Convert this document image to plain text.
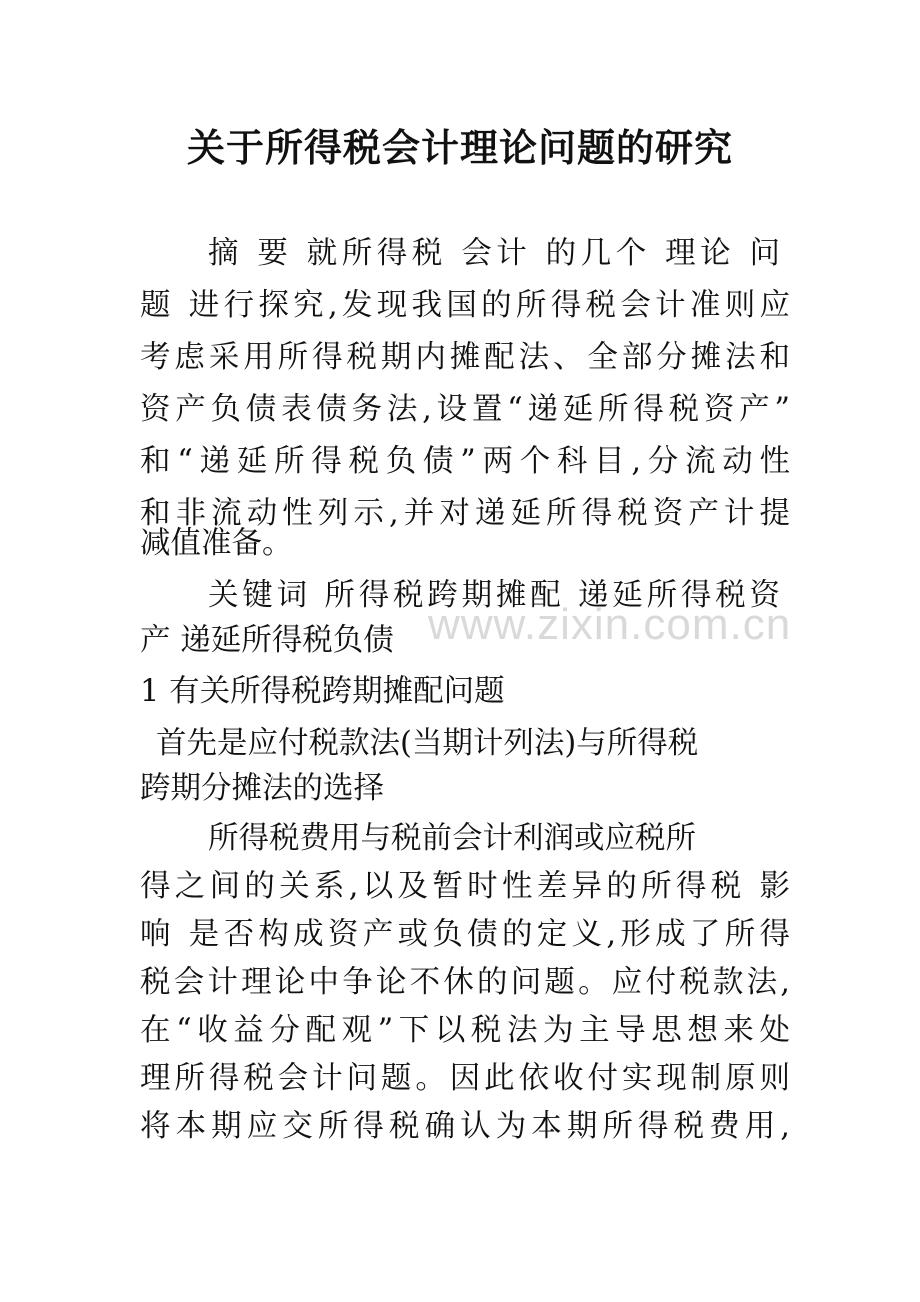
关于所得税会计理论问题的研究
摘 要 就所得税 会计 的几个 理论 问
题 进行探究,发现我国的所得税会计准则应
考虑采用所得税期内摊配法、全部分摊法和
资产负债表债务法,设置“递延所得税资产”
和“递延所得税负债”两个科目,分流动性
和非流动性列示,并对递延所得税资产计提
减值准备。
关键词 所得税跨期摊配 递延所得税资
产 递延所得税负债 www.zixin.com.cn
1 有关所得税跨期摊配问题
首先是应付税款法(当期计列法)与所得税
跨期分摊法的选择
所得税费用与税前会计利润或应税所
得之间的关系,以及暂时性差异的所得税 影
响 是否构成资产或负债的定义,形成了所得
税会计理论中争论不休的问题。应付税款法,
在“收益分配观”下以税法为主导思想来处
理所得税会计问题。因此依收付实现制原则
将本期应交所得税确认为本期所得税费用,
